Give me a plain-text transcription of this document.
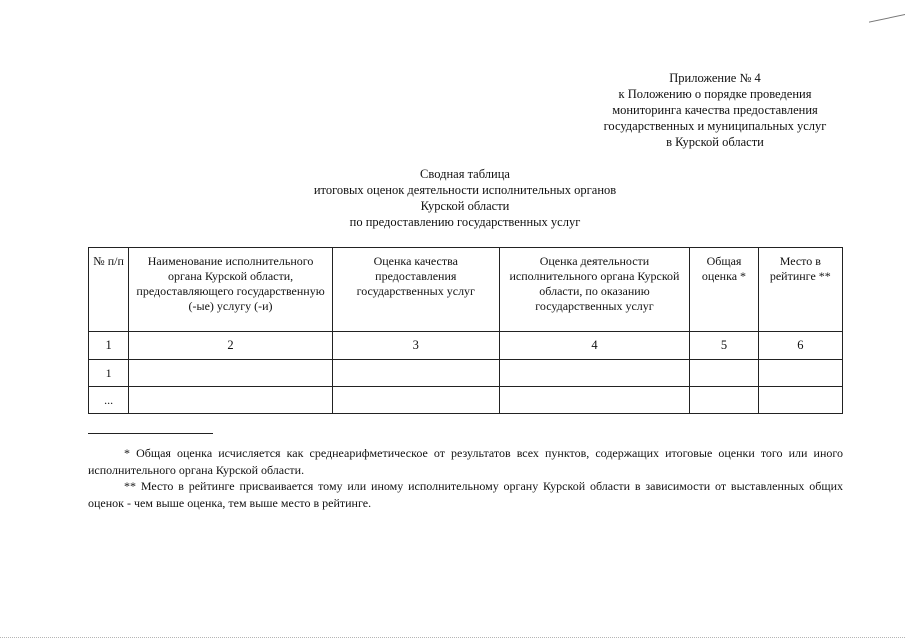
Приложение № 4
к Положению о порядке проведения
мониторинга качества предоставления
государственных и муниципальных услуг
в Курской области
Сводная таблица
итоговых оценок деятельности исполнительных органов
Курской области
по предоставлению государственных услуг
№ п/п	Наименование исполнительного органа Курской области, предоставляющего государственную (-ые) услугу (-и)	Оценка качества предоставления государственных услуг	Оценка деятельности исполнительного органа Курской области, по оказанию государственных услуг	Общая оценка *	Место в рейтинге **
1	2	3	4	5	6
1					
...					

* Общая оценка исчисляется как среднеарифметическое от результатов всех пунктов, содержащих итоговые оценки того или иного исполнительного органа Курской области.

** Место в рейтинге присваивается тому или иному исполнительному органу Курской области в зависимости от выставленных общих оценок - чем выше оценка, тем выше место в рейтинге.
